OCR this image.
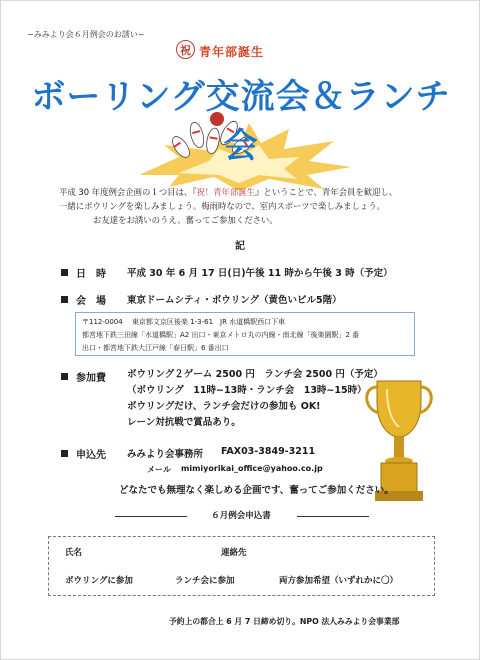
~みみより会６月例会のお誘い~
祝 青年部誕生
ボーリング交流会＆ランチ会
平成 30 年度例会企画の１つ目は、『祝！青年部誕生』ということで、青年会員を歓迎し、
一緒にボウリングを楽しみましょう。梅雨時なので、室内スポーツで楽しみましょう。
お友達をお誘いのうえ、奮ってご参加ください。
記
日　時 平成 30 年 6 月 17 日(日)午後 11 時から午後 3 時（予定）
会　場 東京ドームシティ・ボウリング（黄色いビル5階）
〒112-0004　 東京都文京区後楽 1-3-61　JR 水道橋駅西口下車
都営地下鉄三田線「水道橋駅」A2 出口・東京メトロ丸の内線・南北線「後楽園駅」2 番
出口・都営地下鉄大江戸線「春日駅」6 番出口
参加費 ボウリング２ゲーム 2500 円　ランチ会 2500 円（予定）
（ボウリング　11時~13時・ランチ会　13時~15時）
ボウリングだけ、ランチ会だけの参加も OK!
レーン対抗戦で賞品あり。
申込先 みみより会事務所 FAX03-3849-3211
メール mimiyorikai_office@yahoo.co.jp
どなたでも無理なく楽しめる企画です、奮ってご参加ください。
６月例会申込書
氏名	連絡先
ボウリングに参加	ランチ会に参加	両方参加希望（いずれかに〇）
予約上の都合上 6 月 7 日締め切り。NPO 法人みみより会事業部
